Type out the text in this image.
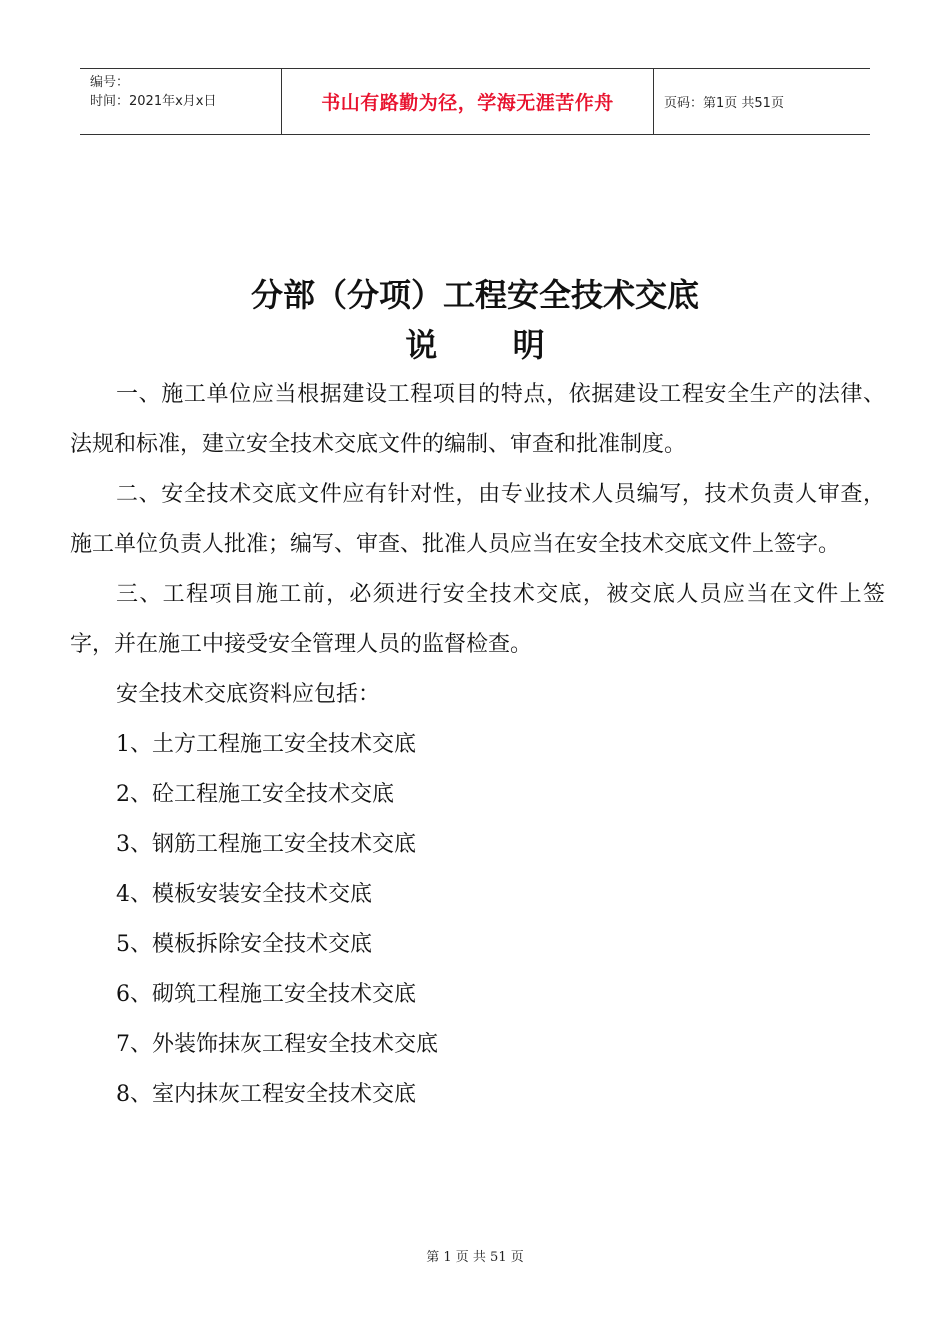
编号：
时间：2021年x月x日	书山有路勤为径，学海无涯苦作舟	页码：第1页 共51页
分部（分项）工程安全技术交底
说 明

一、施工单位应当根据建设工程项目的特点，依据建设工程安全生产的法律、法规和标准，建立安全技术交底文件的编制、审查和批准制度。

二、安全技术交底文件应有针对性，由专业技术人员编写，技术负责人审查，施工单位负责人批准；编写、审查、批准人员应当在安全技术交底文件上签字。

三、工程项目施工前，必须进行安全技术交底，被交底人员应当在文件上签字，并在施工中接受安全管理人员的监督检查。

安全技术交底资料应包括：

1、土方工程施工安全技术交底

2、砼工程施工安全技术交底

3、钢筋工程施工安全技术交底

4、模板安装安全技术交底

5、模板拆除安全技术交底

6、砌筑工程施工安全技术交底

7、外装饰抹灰工程安全技术交底

8、室内抹灰工程安全技术交底

第 1 页 共 51 页
